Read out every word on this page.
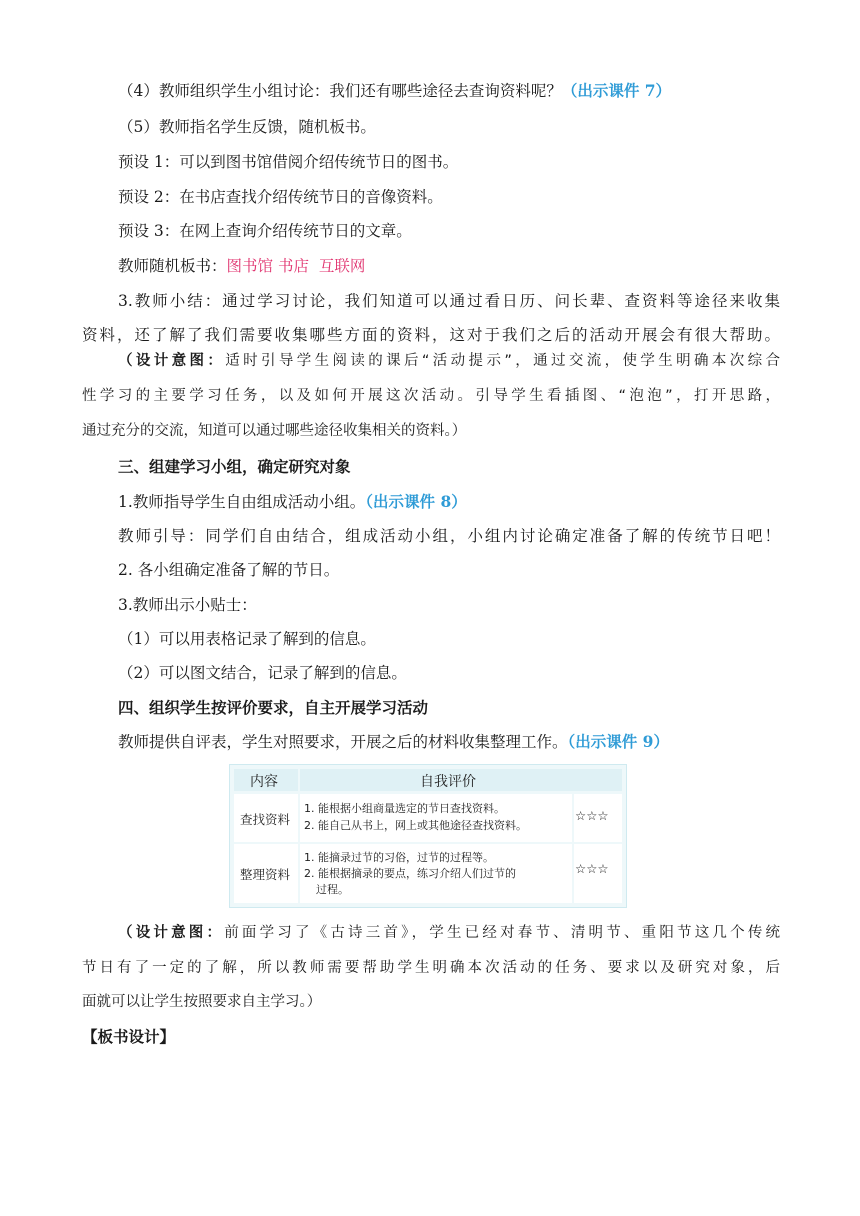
（4）教师组织学生小组讨论：我们还有哪些途径去查询资料呢？（出示课件 7）
（5）教师指名学生反馈，随机板书。
预设 1：可以到图书馆借阅介绍传统节日的图书。
预设 2：在书店查找介绍传统节日的音像资料。
预设 3：在网上查询介绍传统节日的文章。
教师随机板书：图书馆 书店 互联网
3.教师小结：通过学习讨论，我们知道可以通过看日历、问长辈、查资料等途径来收集
资料，还了解了我们需要收集哪些方面的资料，这对于我们之后的活动开展会有很大帮助。
（设计意图：适时引导学生阅读的课后“活动提示”，通过交流，使学生明确本次综合
性学习的主要学习任务，以及如何开展这次活动。引导学生看插图、“泡泡”，打开思路，
通过充分的交流，知道可以通过哪些途径收集相关的资料。）
三、组建学习小组，确定研究对象
1.教师指导学生自由组成活动小组。（出示课件 8）
教师引导：同学们自由结合，组成活动小组，小组内讨论确定准备了解的传统节日吧！
2. 各小组确定准备了解的节日。
3.教师出示小贴士：
（1）可以用表格记录了解到的信息。
（2）可以图文结合，记录了解到的信息。
四、组织学生按评价要求，自主开展学习活动
教师提供自评表，学生对照要求，开展之后的材料收集整理工作。（出示课件 9）
内容	自我评价
查找资料
1. 能根据小组商量选定的节日查找资料。
2. 能自己从书上，网上或其他途径查找资料。
☆☆☆
整理资料
1. 能摘录过节的习俗，过节的过程等。
2. 能根据摘录的要点，练习介绍人们过节的
过程。
☆☆☆
（设计意图：前面学习了《古诗三首》，学生已经对春节、清明节、重阳节这几个传统
节日有了一定的了解，所以教师需要帮助学生明确本次活动的任务、要求以及研究对象，后
面就可以让学生按照要求自主学习。）
【板书设计】
